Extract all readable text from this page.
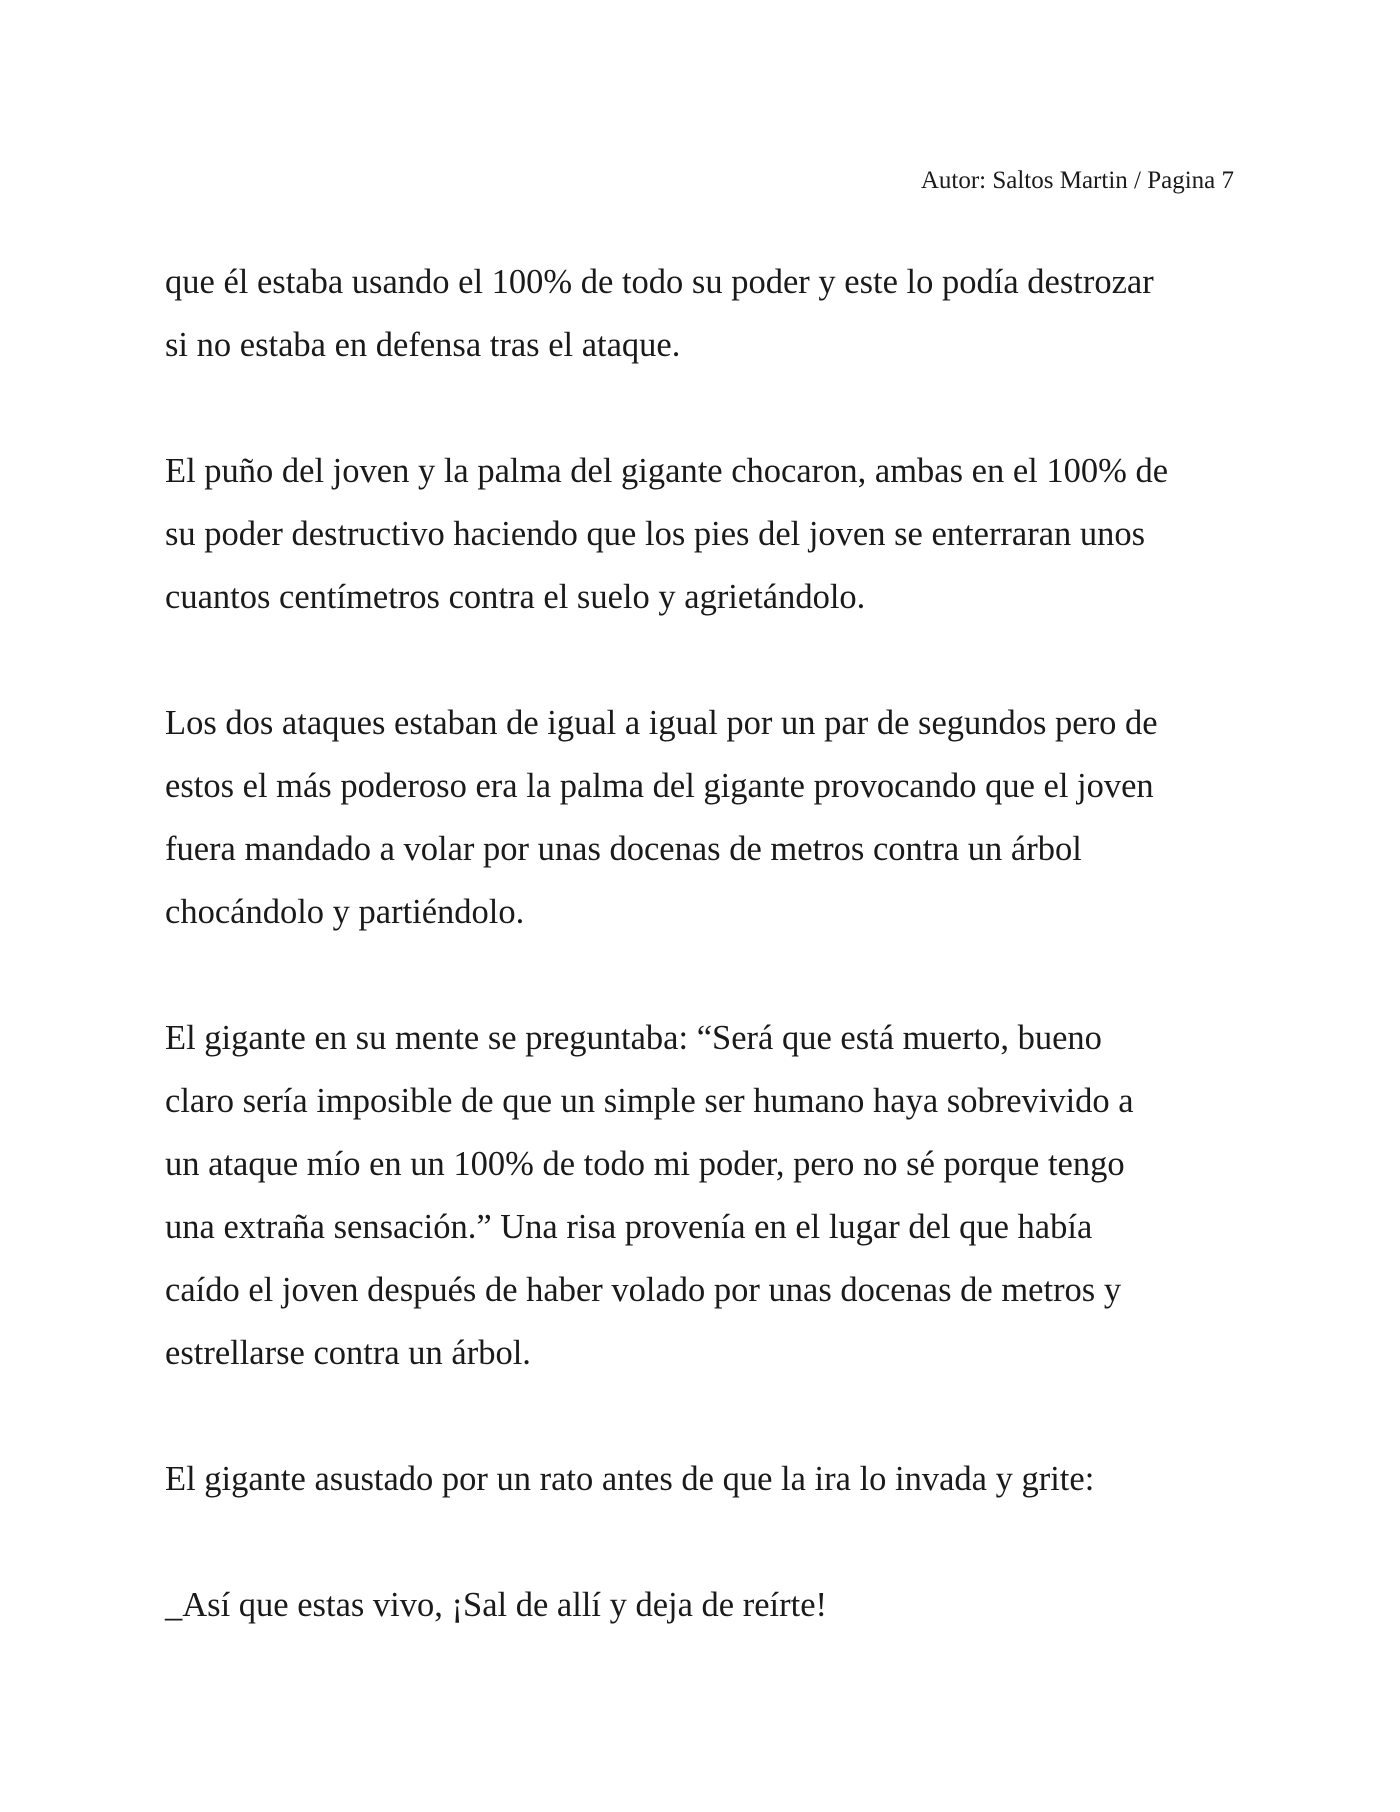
Autor: Saltos Martin / Pagina 7
que él estaba usando el 100% de todo su poder y este lo podía destrozar
si no estaba en defensa tras el ataque.
El puño del joven y la palma del gigante chocaron, ambas en el 100% de
su poder destructivo haciendo que los pies del joven se enterraran unos
cuantos centímetros contra el suelo y agrietándolo.
Los dos ataques estaban de igual a igual por un par de segundos pero de
estos el más poderoso era la palma del gigante provocando que el joven
fuera mandado a volar por unas docenas de metros contra un árbol
chocándolo y partiéndolo.
El gigante en su mente se preguntaba: “Será que está muerto, bueno
claro sería imposible de que un simple ser humano haya sobrevivido a
un ataque mío en un 100% de todo mi poder, pero no sé porque tengo
una extraña sensación.” Una risa provenía en el lugar del que había
caído el joven después de haber volado por unas docenas de metros y
estrellarse contra un árbol.
El gigante asustado por un rato antes de que la ira lo invada y grite:
_Así que estas vivo, ¡Sal de allí y deja de reírte!
